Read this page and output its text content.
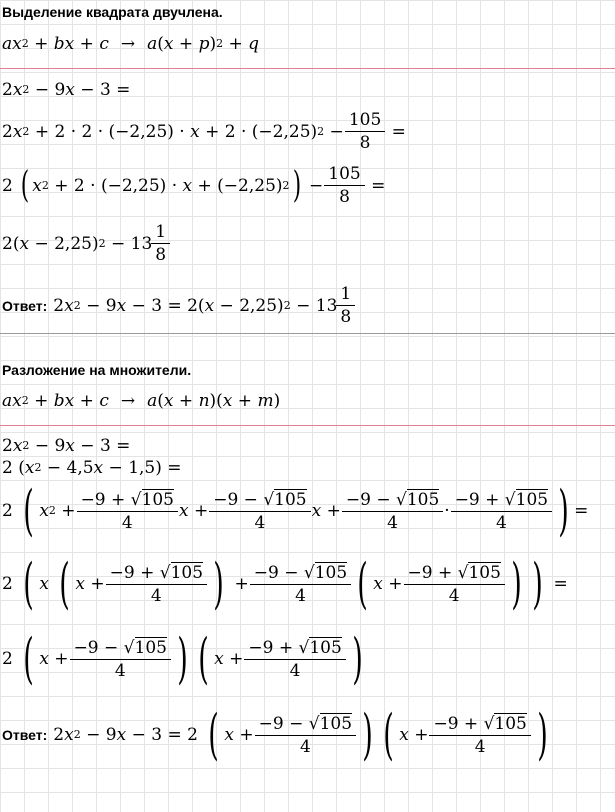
Выделение квадрата двучлена.
ax 2 + bx + c → a ( x + p ) 2 + q
2 x 2 − 9 x − 3 =
2 x 2 + 2 · 2 · (−2,25) · x + 2 · (−2,25) $2 - \frac{105}{8}$ =
2 ( x 2 + 2 · (−2,25) · x + (−2,25) 2 ) − $\frac{105}{8}$ =
2( x − 2,25) $2 - 13 \frac{1}{8}$
Ответ: 2 x 2 − 9 x − 3 = 2( x − 2,25) $2 - 13 \frac{1}{8}$
Разложение на множители.
ax 2 + bx + c → a ( x + n )( x + m )
2 x 2 − 9 x − 3 =
2 ( x 2 − 4,5 x − 1,5) =
2 ( x $2 + \frac{-9 + √ 105}{4}$ $x + \frac{-9 - √ 105}{4}$ $x + \frac{-9 - √ 105}{4} \cdot \frac{-9 + √ 105}{4}$ ) =
2 ( x
( $x + \frac{-9 + √ 105}{4}$ ) + $\frac{-9 - √ 105}{4}$ ( $x + \frac{-9 + √ 105}{4}$ ) ) =
2 ( $x + \frac{-9 - √ 105}{4}$ ) ( $x + \frac{-9 + √ 105}{4}$ )
Ответ: 2 x 2 − 9 x − 3 = 2 ( $x + \frac{-9 - √ 105}{4}$ ) ( $x + \frac{-9 + √ 105}{4}$ )
